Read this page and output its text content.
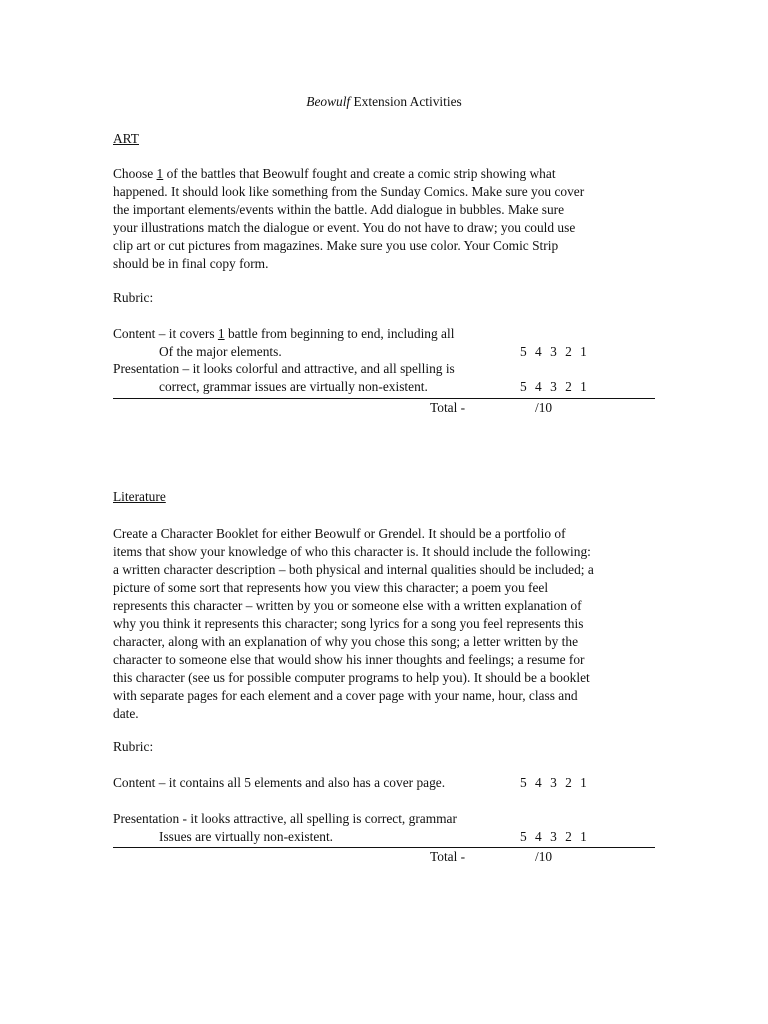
Beowulf Extension Activities
ART
Choose 1 of the battles that Beowulf fought and create a comic strip showing what
happened. It should look like something from the Sunday Comics. Make sure you cover
the important elements/events within the battle. Add dialogue in bubbles. Make sure
your illustrations match the dialogue or event. You do not have to draw; you could use
clip art or cut pictures from magazines. Make sure you use color. Your Comic Strip
should be in final copy form.
Rubric:
Content – it covers 1 battle from beginning to end, including all
Of the major elements.	5 4 3 2 1
Presentation – it looks colorful and attractive, and all spelling is
correct, grammar issues are virtually non-existent.	5 4 3 2 1
Total -	/10
Literature
Create a Character Booklet for either Beowulf or Grendel. It should be a portfolio of
items that show your knowledge of who this character is. It should include the following:
a written character description – both physical and internal qualities should be included; a
picture of some sort that represents how you view this character; a poem you feel
represents this character – written by you or someone else with a written explanation of
why you think it represents this character; song lyrics for a song you feel represents this
character, along with an explanation of why you chose this song; a letter written by the
character to someone else that would show his inner thoughts and feelings; a resume for
this character (see us for possible computer programs to help you). It should be a booklet
with separate pages for each element and a cover page with your name, hour, class and
date.
Rubric:
Content – it contains all 5 elements and also has a cover page.	5 4 3 2 1
Presentation - it looks attractive, all spelling is correct, grammar
Issues are virtually non-existent.	5 4 3 2 1
Total -	/10
